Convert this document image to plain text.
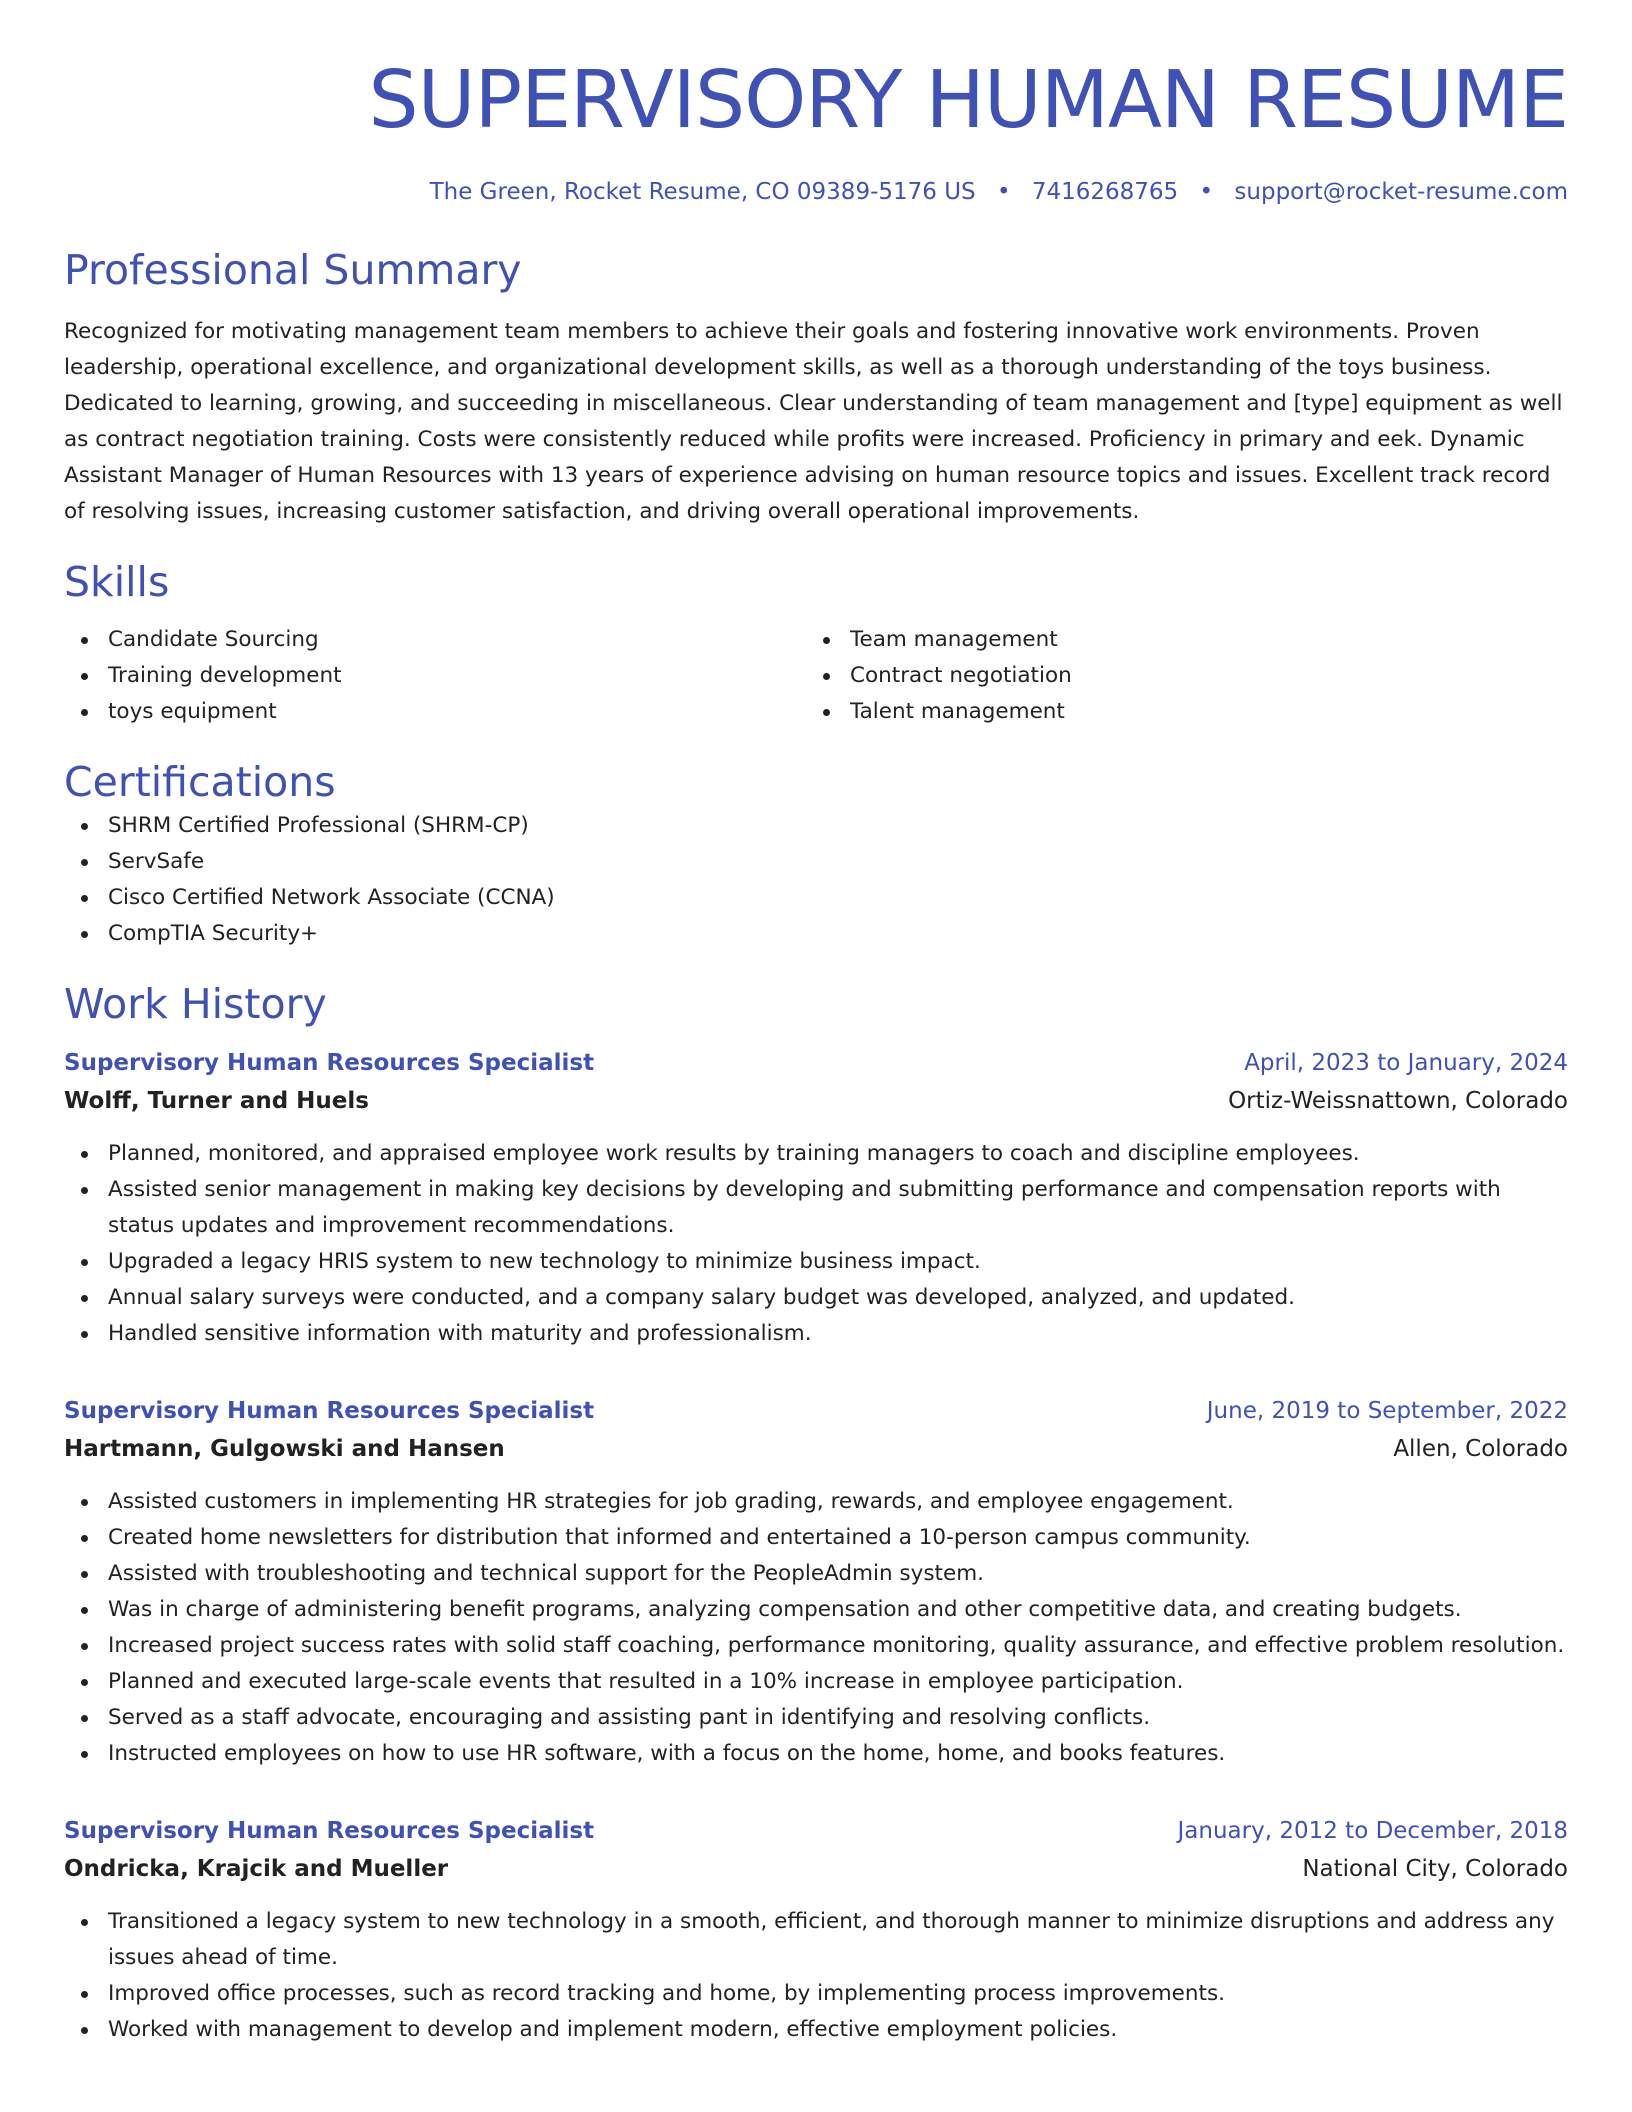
SUPERVISORY HUMAN RESUME
The Green, Rocket Resume, CO 09389-5176 US • 7416268765 • support@rocket-resume.com
Professional Summary

Recognized for motivating management team members to achieve their goals and fostering innovative work environments. Proven leadership, operational excellence, and organizational development skills, as well as a thorough understanding of the toys business. Dedicated to learning, growing, and succeeding in miscellaneous. Clear understanding of team management and [type] equipment as well as contract negotiation training. Costs were consistently reduced while profits were increased. Proficiency in primary and eek. Dynamic Assistant Manager of Human Resources with 13 years of experience advising on human resource topics and issues. Excellent track record of resolving issues, increasing customer satisfaction, and driving overall operational improvements.

Skills
Candidate Sourcing
Training development
toys equipment
Team management
Contract negotiation
Talent management
Certifications
SHRM Certified Professional (SHRM-CP)
ServSafe
Cisco Certified Network Associate (CCNA)
CompTIA Security+
Work History
Supervisory Human Resources Specialist	April, 2023 to January, 2024
Wolff, Turner and Huels	Ortiz-Weissnattown, Colorado
Planned, monitored, and appraised employee work results by training managers to coach and discipline employees.
Assisted senior management in making key decisions by developing and submitting performance and compensation reports with status updates and improvement recommendations.
Upgraded a legacy HRIS system to new technology to minimize business impact.
Annual salary surveys were conducted, and a company salary budget was developed, analyzed, and updated.
Handled sensitive information with maturity and professionalism.
Supervisory Human Resources Specialist	June, 2019 to September, 2022
Hartmann, Gulgowski and Hansen	Allen, Colorado
Assisted customers in implementing HR strategies for job grading, rewards, and employee engagement.
Created home newsletters for distribution that informed and entertained a 10-person campus community.
Assisted with troubleshooting and technical support for the PeopleAdmin system.
Was in charge of administering benefit programs, analyzing compensation and other competitive data, and creating budgets.
Increased project success rates with solid staff coaching, performance monitoring, quality assurance, and effective problem resolution.
Planned and executed large-scale events that resulted in a 10% increase in employee participation.
Served as a staff advocate, encouraging and assisting pant in identifying and resolving conflicts.
Instructed employees on how to use HR software, with a focus on the home, home, and books features.
Supervisory Human Resources Specialist	January, 2012 to December, 2018
Ondricka, Krajcik and Mueller	National City, Colorado
Transitioned a legacy system to new technology in a smooth, efficient, and thorough manner to minimize disruptions and address any issues ahead of time.
Improved office processes, such as record tracking and home, by implementing process improvements.
Worked with management to develop and implement modern, effective employment policies.
